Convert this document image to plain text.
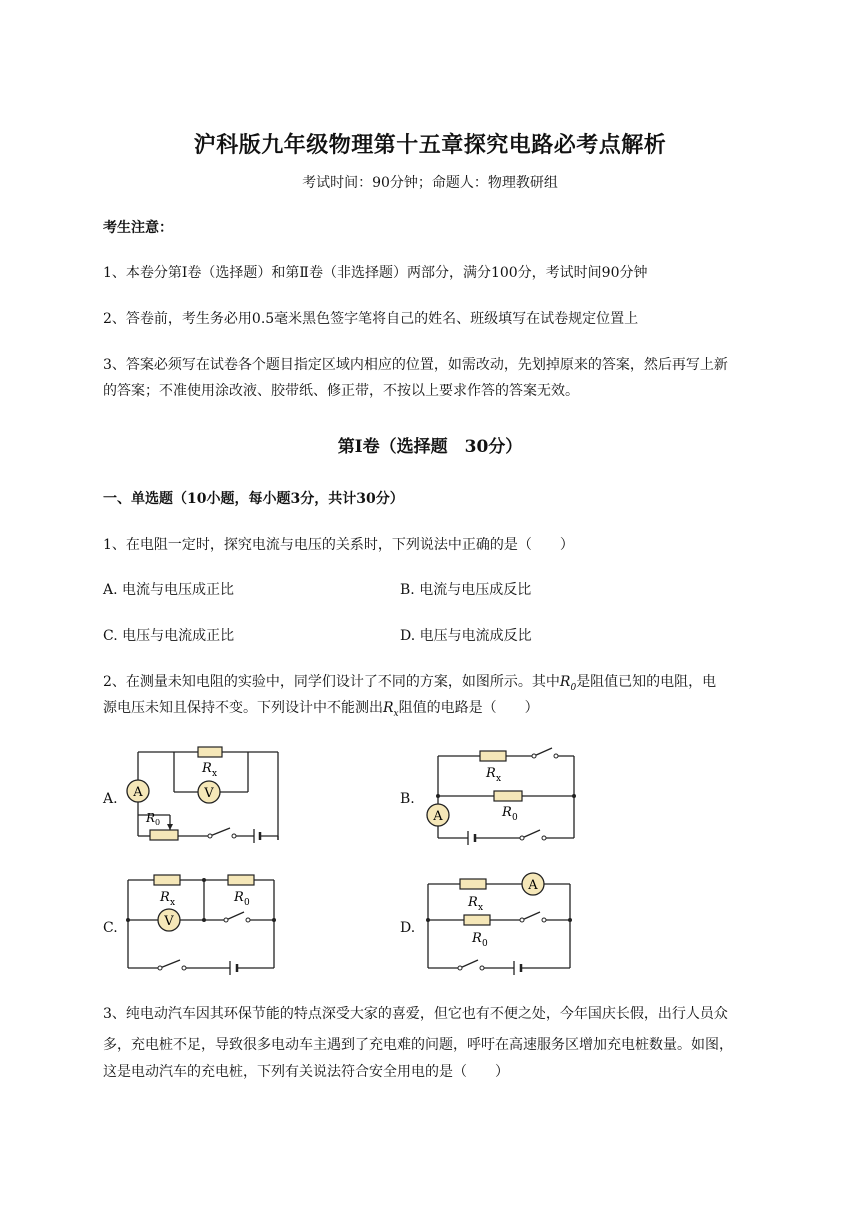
沪科版九年级物理第十五章探究电路必考点解析
考试时间：90分钟；命题人：物理教研组
考生注意：
1、本卷分第Ⅰ卷（选择题）和第Ⅱ卷（非选择题）两部分，满分100分，考试时间90分钟
2、答卷前，考生务必用0.5毫米黑色签字笔将自己的姓名、班级填写在试卷规定位置上
3、答案必须写在试卷各个题目指定区域内相应的位置，如需改动，先划掉原来的答案，然后再写上新
的答案；不准使用涂改液、胶带纸、修正带，不按以上要求作答的答案无效。
第Ⅰ卷（选择题　30分）
一、单选题（10小题，每小题3分，共计30分）
1、在电阻一定时，探究电流与电压的关系时，下列说法中正确的是（　　）
A. 电流与电压成正比	B. 电流与电压成反比
C. 电压与电流成正比	D. 电压与电流成反比
2、在测量未知电阻的实验中，同学们设计了不同的方案，如图所示。其中$R_0$是阻值已知的电阻，电
源电压未知且保持不变。下列设计中不能测出$R_x$阻值的电路是（　　）
A.	B.
C.	D.
A	V
R x
R 0	A
R x
R 0
V
R x	R 0
A
R x
R 0
3、纯电动汽车因其环保节能的特点深受大家的喜爱，但它也有不便之处，今年国庆长假，出行人员众
多，充电桩不足，导致很多电动车主遇到了充电难的问题，呼吁在高速服务区增加充电桩数量。如图，
这是电动汽车的充电桩，下列有关说法符合安全用电的是（　　）
